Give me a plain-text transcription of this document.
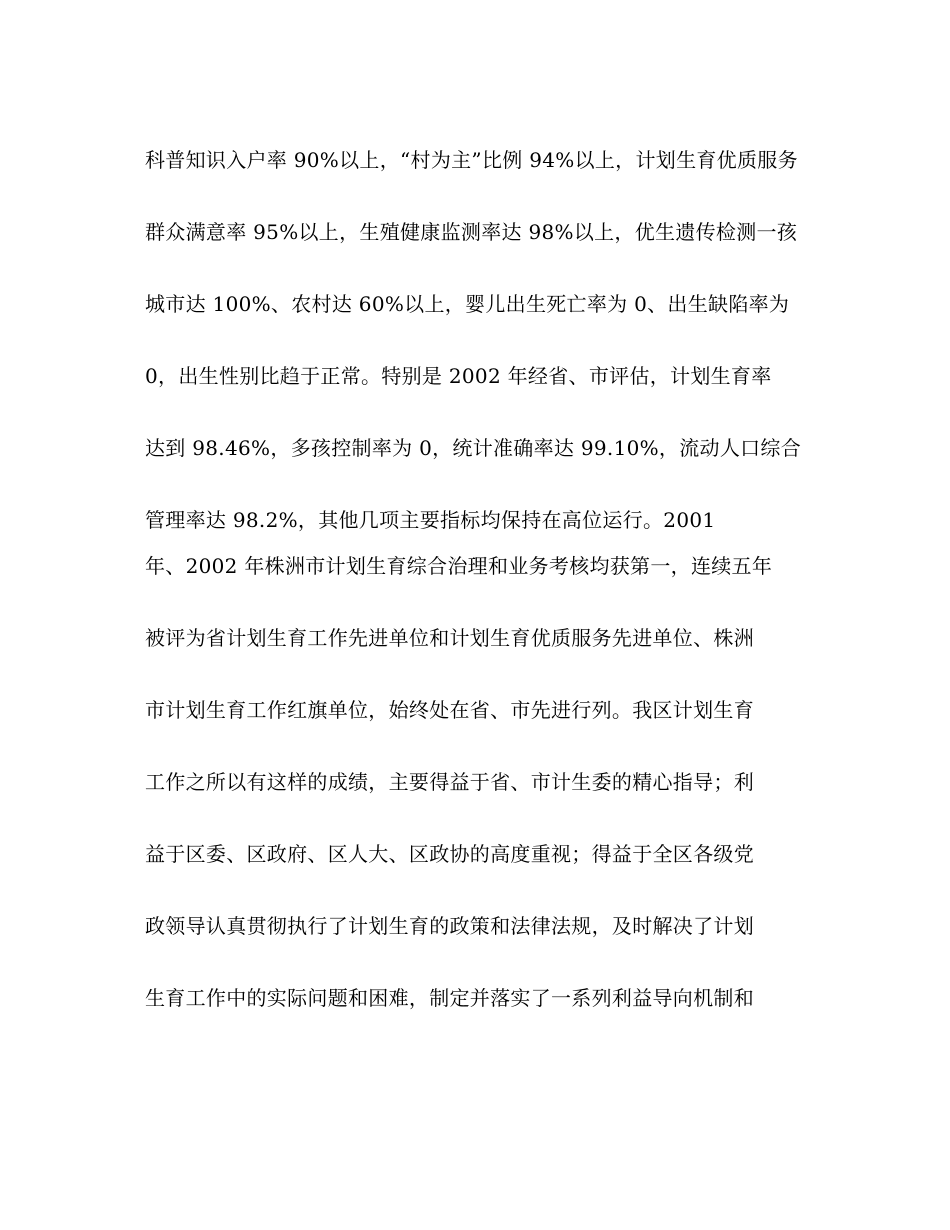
科普知识入户率 90%以上，“村为主”比例 94%以上，计划生育优质服务
群众满意率 95%以上，生殖健康监测率达 98%以上，优生遗传检测一孩
城市达 100%、农村达 60%以上，婴儿出生死亡率为 0、出生缺陷率为
0，出生性别比趋于正常。特别是 2002 年经省、市评估，计划生育率
达到 98.46%，多孩控制率为 0，统计准确率达 99.10%，流动人口综合
管理率达 98.2%，其他几项主要指标均保持在高位运行。2001
年、2002 年株洲市计划生育综合治理和业务考核均获第一，连续五年
被评为省计划生育工作先进单位和计划生育优质服务先进单位、株洲
市计划生育工作红旗单位，始终处在省、市先进行列。我区计划生育
工作之所以有这样的成绩，主要得益于省、市计生委的精心指导；利
益于区委、区政府、区人大、区政协的高度重视；得益于全区各级党
政领导认真贯彻执行了计划生育的政策和法律法规，及时解决了计划
生育工作中的实际问题和困难，制定并落实了一系列利益导向机制和
